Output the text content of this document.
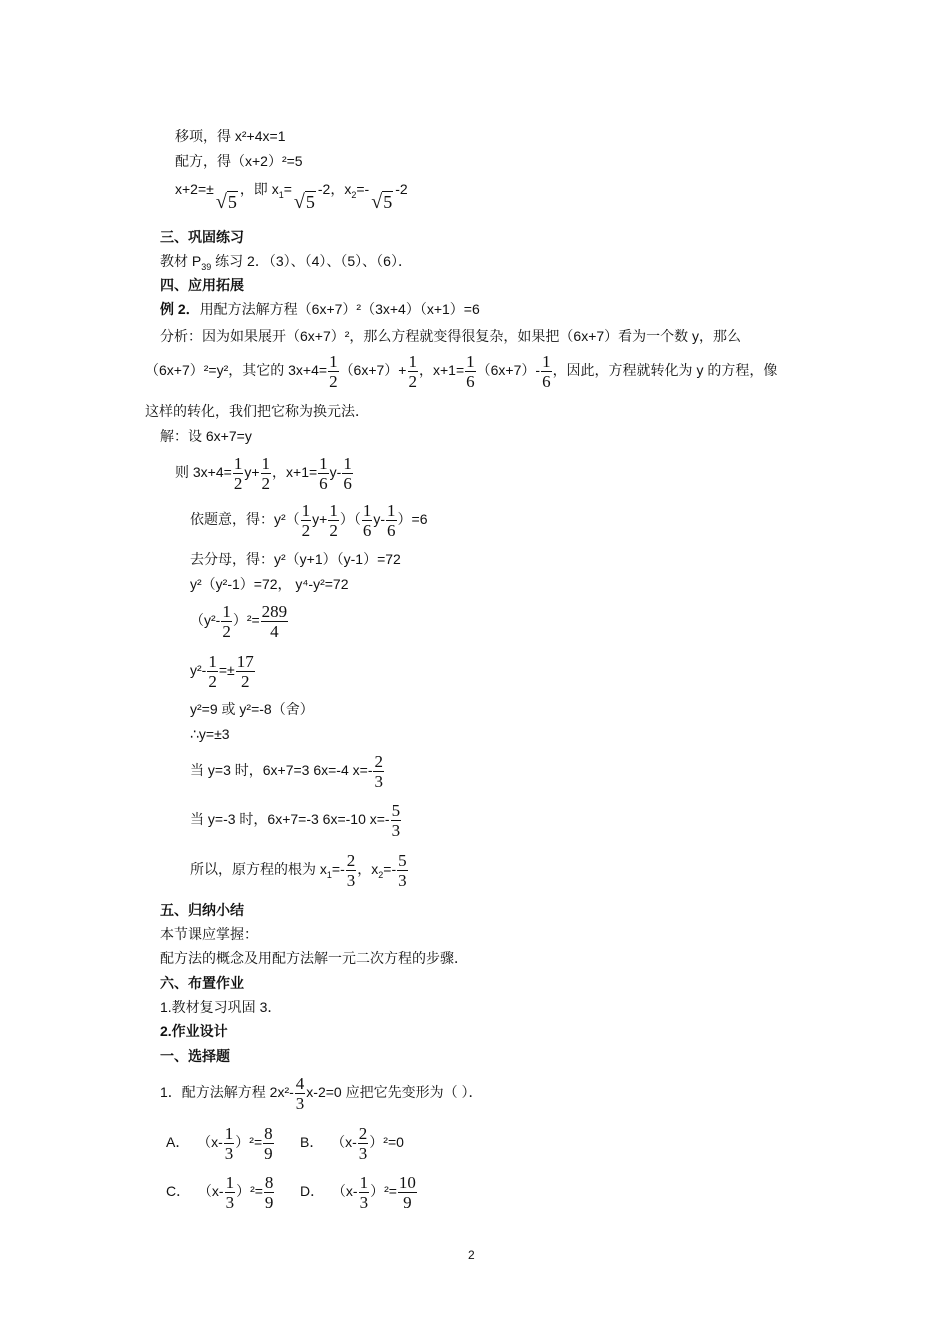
移项，得 x²+4x=1
配方，得（x+2）²=5
x+2=±√5，即 $x_1=√5-2$，$x_2=-√5-2$
三、巩固练习
教材 $P_{39}$ 练习 2．（3）、（4）、（5）、（6）．
四、应用拓展
例 2．用配方法解方程（6x+7）²（3x+4）（x+1）=6
分析：因为如果展开（6x+7）²，那么方程就变得很复杂，如果把（6x+7）看为一个数 y，那么
（6x+7）²=y²，其它的 $3x+4= \frac{1}{2} (6x+7)+ \frac{1}{2}$ ，$x+1= \frac{1}{6} (6x+7)- \frac{1}{6}$ ，因此，方程就转化为 y 的方程，像
这样的转化，我们把它称为换元法．
解：设 6x+7=y
则 $3x+4= \frac{1}{2} y+ \frac{1}{2}$ ，$x+1= \frac{1}{6} y- \frac{1}{6}$
依题意，得：$y^2( \frac{1}{2} y+ \frac{1}{2}$ ）（ $\frac{1}{6} y- \frac{1}{6} )=6$
去分母，得：y²（y+1）（y-1）=72
y²（y²-1）=72， y⁴-y²=72
$(y^2- \frac{1}{2} )^2= \frac{289}{4}$
$y^2- \frac{1}{2} =\pm \frac{17}{2}$
y²=9 或 y²=-8（舍）
∴y=±3
当 y=3 时，6x+7=3 6x=-4 $x=- \frac{2}{3}$
当 y=-3 时，6x+7=-3 6x=-10 $x=- \frac{5}{3}$
所以，原方程的根为 $x_1=- \frac{2}{3}$ ，$x_2=- \frac{5}{3}$
五、归纳小结
本节课应掌握：
配方法的概念及用配方法解一元二次方程的步骤．
六、布置作业
1.教材复习巩固 3．
2.作业设计
一、选择题
1．配方法解方程 $2x^2- \frac{4}{3} x-2=0$ 应把它先变形为（ ）．
A． $(x- \frac{1}{3} )^2= \frac{8}{9}$ B． $(x- \frac{2}{3} )^2=0$
C． $(x- \frac{1}{3} )^2= \frac{8}{9}$ D． $(x- \frac{1}{3} )^2= \frac{10}{9}$
2
